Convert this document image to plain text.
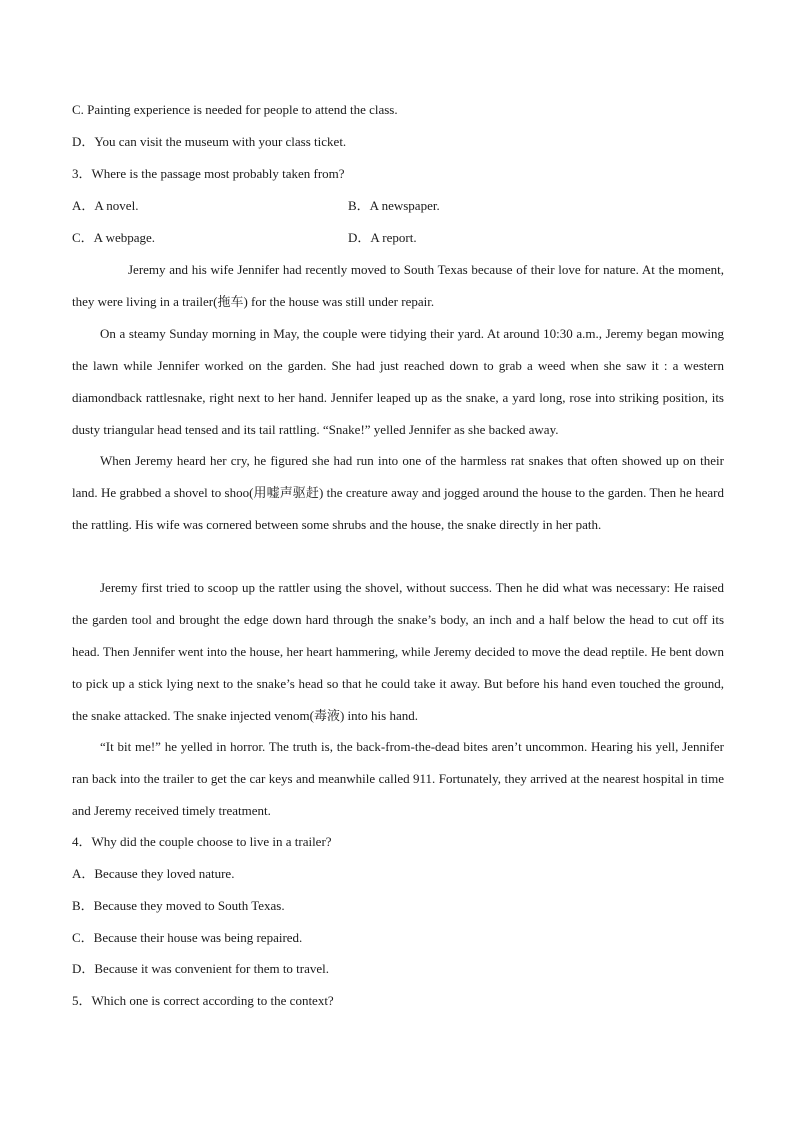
C. Painting experience is needed for people to attend the class.
D．You can visit the museum with your class ticket.
3．Where is the passage most probably taken from?
A．A novel.	B．A newspaper.
C．A webpage.	D．A report.
Jeremy and his wife Jennifer had recently moved to South Texas because of their love for nature. At the moment, they were living in a trailer(拖车) for the house was still under repair.
On a steamy Sunday morning in May, the couple were tidying their yard. At around 10:30 a.m., Jeremy began mowing the lawn while Jennifer worked on the garden. She had just reached down to grab a weed when she saw it : a western diamondback rattlesnake, right next to her hand. Jennifer leaped up as the snake, a yard long, rose into striking position, its dusty triangular head tensed and its tail rattling. “Snake!” yelled Jennifer as she backed away.
When Jeremy heard her cry, he figured she had run into one of the harmless rat snakes that often showed up on their land. He grabbed a shovel to shoo(用嘘声驱赶) the creature away and jogged around the house to the garden. Then he heard the rattling. His wife was cornered between some shrubs and the house, the snake directly in her path.
Jeremy first tried to scoop up the rattler using the shovel, without success. Then he did what was necessary: He raised the garden tool and brought the edge down hard through the snake’s body, an inch and a half below the head to cut off its head. Then Jennifer went into the house, her heart hammering, while Jeremy decided to move the dead reptile. He bent down to pick up a stick lying next to the snake’s head so that he could take it away. But before his hand even touched the ground, the snake attacked. The snake injected venom(毒液) into his hand.
“It bit me!” he yelled in horror. The truth is, the back-from-the-dead bites aren’t uncommon. Hearing his yell, Jennifer ran back into the trailer to get the car keys and meanwhile called 911. Fortunately, they arrived at the nearest hospital in time and Jeremy received timely treatment.
4．Why did the couple choose to live in a trailer?
A．Because they loved nature.
B．Because they moved to South Texas.
C．Because their house was being repaired.
D．Because it was convenient for them to travel.
5．Which one is correct according to the context?
